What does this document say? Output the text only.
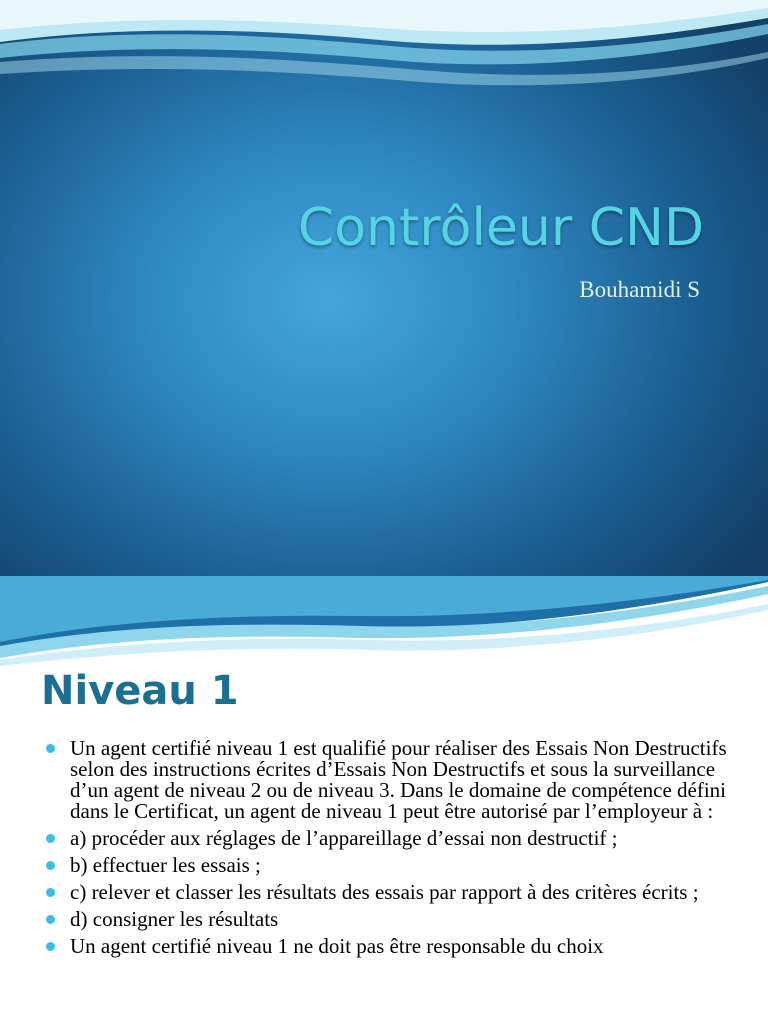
Contrôleur CND
Bouhamidi S
Niveau 1
Un agent certifié niveau 1 est qualifié pour réaliser des Essais Non Destructifs selon des instructions écrites d’Essais Non Destructifs et sous la surveillance d’un agent de niveau 2 ou de niveau 3. Dans le domaine de compétence défini dans le Certificat, un agent de niveau 1 peut être autorisé par l’employeur à :
a) procéder aux réglages de l’appareillage d’essai non destructif ;
b) effectuer les essais ;
c) relever et classer les résultats des essais par rapport à des critères écrits ;
d) consigner les résultats
Un agent certifié niveau 1 ne doit pas être responsable du choix
